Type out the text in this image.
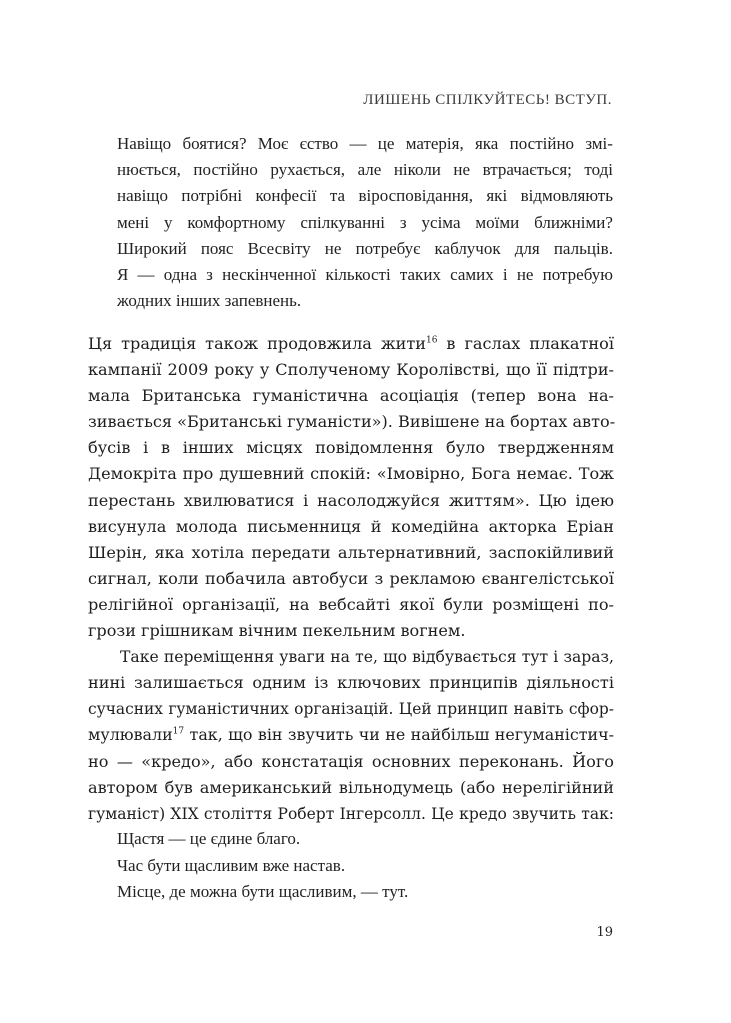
ЛИШЕНЬ СПІЛКУЙТЕСЬ! ВСТУП.
Навіщо боятися? Моє єство — це матерія, яка постійно змі-
нюється, постійно рухається, але ніколи не втрачається; тоді
навіщо потрібні конфесії та віросповідання, які відмовляють
мені у комфортному спілкуванні з усіма моїми ближніми?
Широкий пояс Всесвіту не потребує каблучок для пальців.
Я — одна з нескінченної кількості таких самих і не потребую
жодних інших запевнень.
Ця традиція також продовжила жити$^{16}$ в гаслах плакатної
кампанії 2009 року у Сполученому Королівстві, що її підтри-
мала Британська гуманістична асоціація (тепер вона на-
зивається «Британські гуманісти»). Вивішене на бортах авто-
бусів і в інших місцях повідомлення було твердженням
Демокріта про душевний спокій: «Імовірно, Бога немає. Тож
перестань хвилюватися і насолоджуйся життям». Цю ідею
висунула молода письменниця й комедійна акторка Еріан
Шерін, яка хотіла передати альтернативний, заспокійливий
сигнал, коли побачила автобуси з рекламою євангелістської
релігійної організації, на вебсайті якої були розміщені по-
грози грішникам вічним пекельним вогнем.
Таке переміщення уваги на те, що відбувається тут і зараз,
нині залишається одним із ключових принципів діяльності
сучасних гуманістичних організацій. Цей принцип навіть сфор-
мулювали$^{17}$ так, що він звучить чи не найбільш негуманістич-
но — «кредо», або констатація основних переконань. Його
автором був американський вільнодумець (або нерелігійний
гуманіст) XIX століття Роберт Інгерсолл. Це кредо звучить так:
Щастя — це єдине благо.
Час бути щасливим вже настав.
Місце, де можна бути щасливим, — тут.
19
